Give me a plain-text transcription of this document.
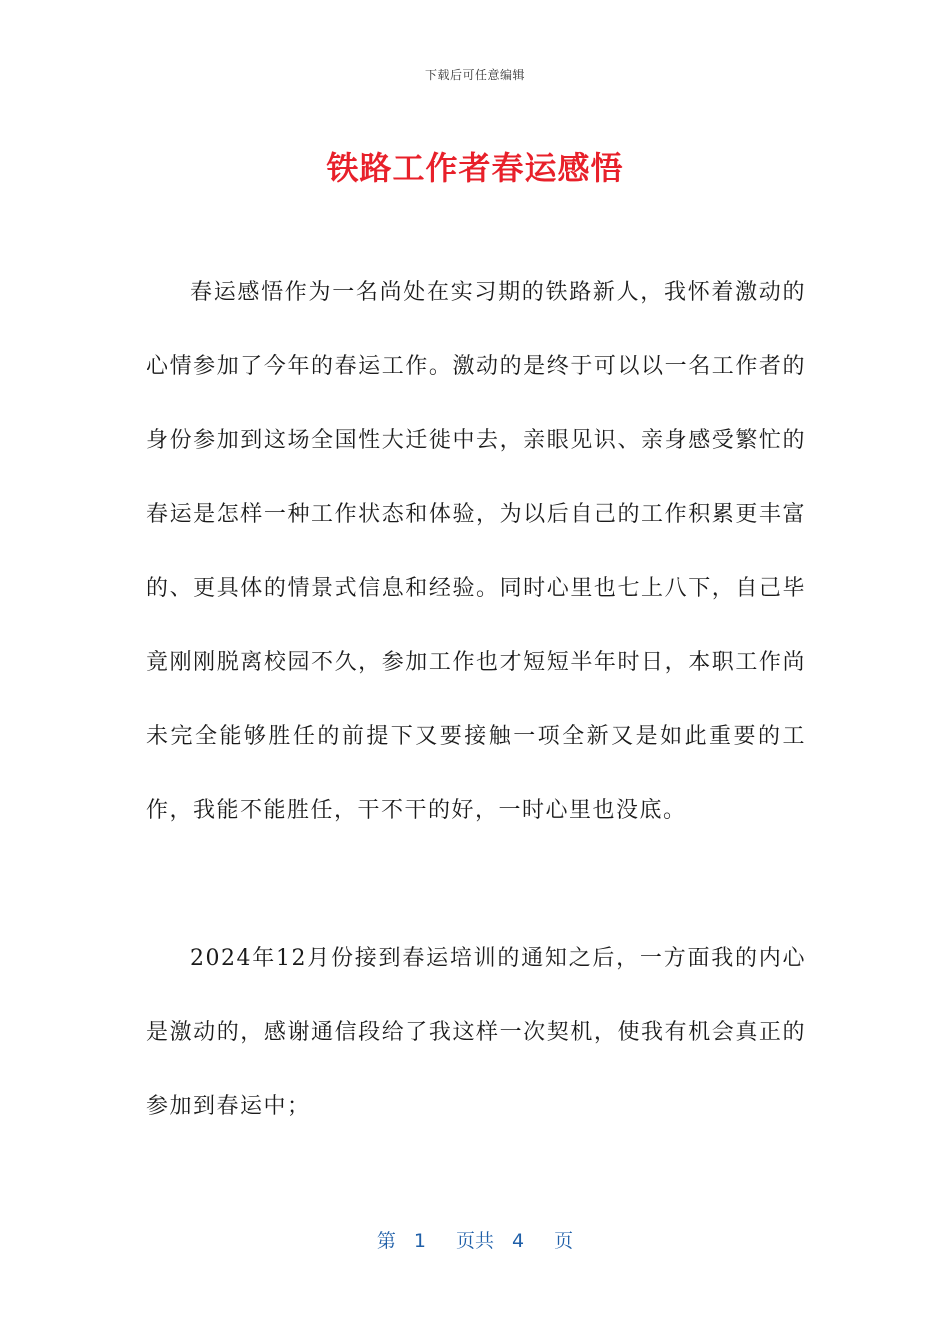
下载后可任意编辑
铁路工作者春运感悟

春运感悟作为一名尚处在实习期的铁路新人，我怀着激动的心情参加了今年的春运工作。激动的是终于可以以一名工作者的身份参加到这场全国性大迁徙中去，亲眼见识、亲身感受繁忙的春运是怎样一种工作状态和体验，为以后自己的工作积累更丰富的、更具体的情景式信息和经验。同时心里也七上八下，自己毕竟刚刚脱离校园不久，参加工作也才短短半年时日，本职工作尚未完全能够胜任的前提下又要接触一项全新又是如此重要的工作，我能不能胜任，干不干的好，一时心里也没底。

2024年12月份接到春运培训的通知之后，一方面我的内心是激动的，感谢通信段给了我这样一次契机，使我有机会真正的参加到春运中；

第 1 页共 4 页
